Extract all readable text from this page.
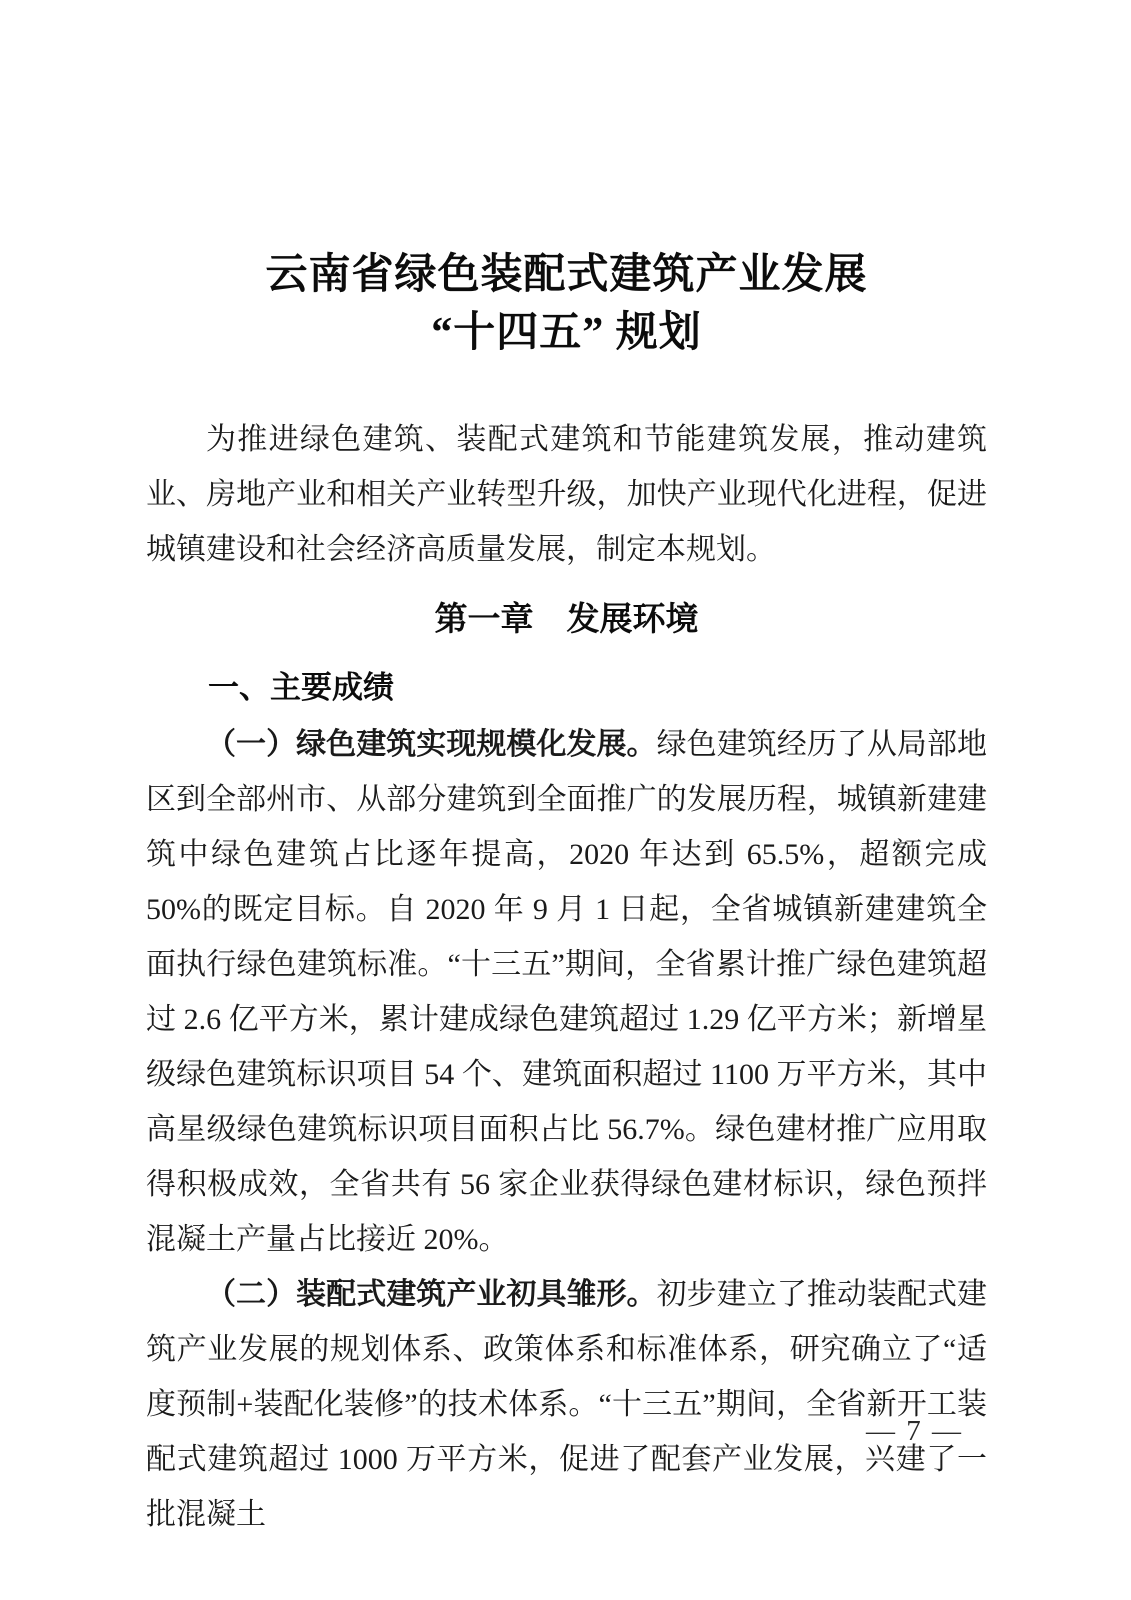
云南省绿色装配式建筑产业发展
“十四五” 规划

为推进绿色建筑、装配式建筑和节能建筑发展，推动建筑业、房地产业和相关产业转型升级，加快产业现代化进程，促进城镇建设和社会经济高质量发展，制定本规划。

第一章　发展环境
一、主要成绩

（一）绿色建筑实现规模化发展。绿色建筑经历了从局部地区到全部州市、从部分建筑到全面推广的发展历程，城镇新建建筑中绿色建筑占比逐年提高，2020 年达到 65.5%，超额完成 50%的既定目标。自 2020 年 9 月 1 日起，全省城镇新建建筑全面执行绿色建筑标准。“十三五”期间，全省累计推广绿色建筑超过 2.6 亿平方米，累计建成绿色建筑超过 1.29 亿平方米；新增星级绿色建筑标识项目 54 个、建筑面积超过 1100 万平方米，其中高星级绿色建筑标识项目面积占比 56.7%。绿色建材推广应用取得积极成效，全省共有 56 家企业获得绿色建材标识，绿色预拌混凝土产量占比接近 20%。

（二）装配式建筑产业初具雏形。初步建立了推动装配式建筑产业发展的规划体系、政策体系和标准体系，研究确立了“适度预制+装配化装修”的技术体系。“十三五”期间，全省新开工装配式建筑超过 1000 万平方米，促进了配套产业发展，兴建了一批混凝土

— 7 —
